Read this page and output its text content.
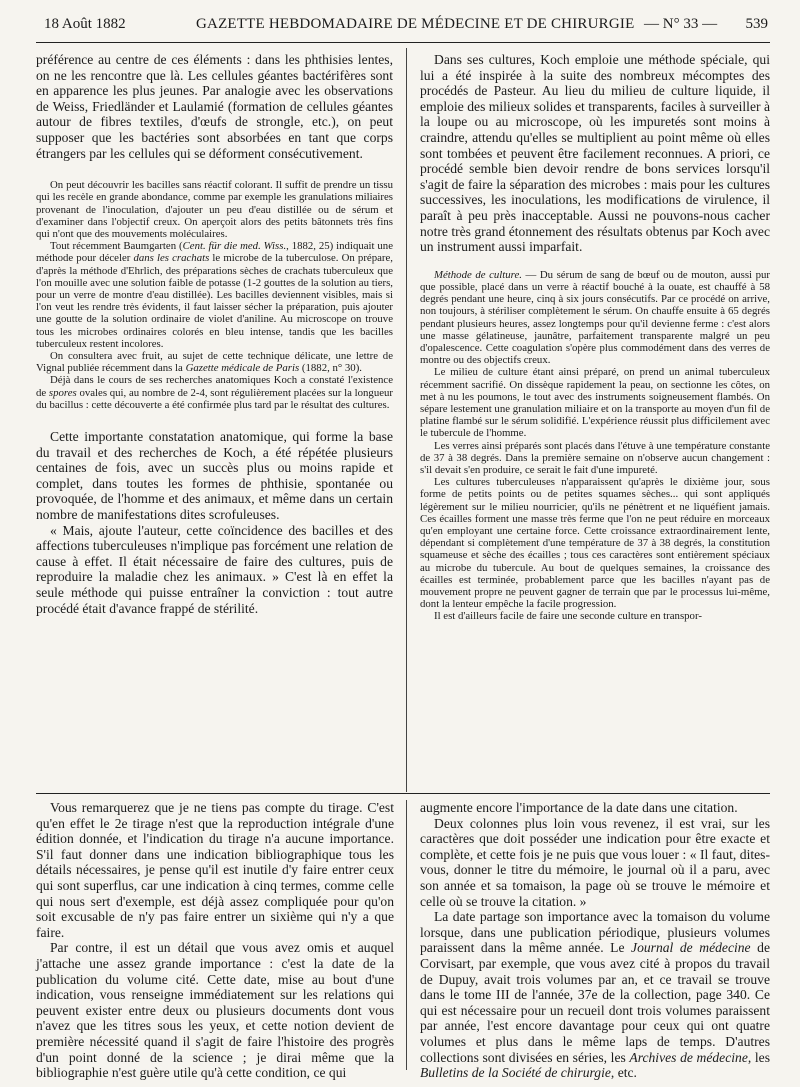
18 Août 1882	GAZETTE HEBDOMADAIRE DE MÉDECINE ET DE CHIRURGIE — N° 33 — 539

préférence au centre de ces éléments : dans les phthisies lentes, on ne les rencontre que là. Les cellules géantes bactérifères sont en apparence les plus jeunes. Par analogie avec les observations de Weiss, Friedländer et Laulamié (formation de cellules géantes autour de fibres textiles, d'œufs de strongle, etc.), on peut supposer que les bactéries sont absorbées en tant que corps étrangers par les cellules qui se déforment consécutivement.

On peut découvrir les bacilles sans réactif colorant. Il suffit de prendre un tissu qui les recèle en grande abondance, comme par exemple les granulations miliaires provenant de l'inoculation, d'ajouter un peu d'eau distillée ou de sérum et d'examiner dans l'objectif creux. On aperçoit alors des petits bâtonnets très fins qui n'ont que des mouvements moléculaires.

Tout récemment Baumgarten (Cent. für die med. Wiss., 1882, 25) indiquait une méthode pour déceler dans les crachats le microbe de la tuberculose. On prépare, d'après la méthode d'Ehrlich, des préparations sèches de crachats tuberculeux que l'on mouille avec une solution faible de potasse (1-2 gouttes de la solution au tiers, pour un verre de montre d'eau distillée). Les bacilles deviennent visibles, mais si l'on veut les rendre très évidents, il faut laisser sécher la préparation, puis ajouter une goutte de la solution ordinaire de violet d'aniline. Au microscope on trouve tous les microbes ordinaires colorés en bleu intense, tandis que les bacilles tuberculeux restent incolores.

On consultera avec fruit, au sujet de cette technique délicate, une lettre de Vignal publiée récemment dans la Gazette médicale de Paris (1882, n° 30).

Déjà dans le cours de ses recherches anatomiques Koch a constaté l'existence de spores ovales qui, au nombre de 2-4, sont régulièrement placées sur la longueur du bacillus : cette découverte a été confirmée plus tard par le résultat des cultures.

Cette importante constatation anatomique, qui forme la base du travail et des recherches de Koch, a été répétée plusieurs centaines de fois, avec un succès plus ou moins rapide et complet, dans toutes les formes de phthisie, spontanée ou provoquée, de l'homme et des animaux, et même dans un certain nombre de manifestations dites scrofuleuses.

« Mais, ajoute l'auteur, cette coïncidence des bacilles et des affections tuberculeuses n'implique pas forcément une relation de cause à effet. Il était nécessaire de faire des cultures, puis de reproduire la maladie chez les animaux. » C'est là en effet la seule méthode qui puisse entraîner la conviction : tout autre procédé était d'avance frappé de stérilité.

Dans ses cultures, Koch emploie une méthode spéciale, qui lui a été inspirée à la suite des nombreux mécomptes des procédés de Pasteur. Au lieu du milieu de culture liquide, il emploie des milieux solides et transparents, faciles à surveiller à la loupe ou au microscope, où les impuretés sont moins à craindre, attendu qu'elles se multiplient au point même où elles sont tombées et peuvent être facilement reconnues. A priori, ce procédé semble bien devoir rendre de bons services lorsqu'il s'agit de faire la séparation des microbes : mais pour les cultures successives, les inoculations, les modifications de virulence, il paraît à peu près inacceptable. Aussi ne pouvons-nous cacher notre très grand étonnement des résultats obtenus par Koch avec un instrument aussi imparfait.

Méthode de culture. — Du sérum de sang de bœuf ou de mouton, aussi pur que possible, placé dans un verre à réactif bouché à la ouate, est chauffé à 58 degrés pendant une heure, cinq à six jours consécutifs. Par ce procédé on arrive, non toujours, à stériliser complètement le sérum. On chauffe ensuite à 65 degrés pendant plusieurs heures, assez longtemps pour qu'il devienne ferme : c'est alors une masse gélatineuse, jaunâtre, parfaitement transparente malgré un peu d'opalescence. Cette coagulation s'opère plus commodément dans des verres de montre ou des objectifs creux.

Le milieu de culture étant ainsi préparé, on prend un animal tuberculeux récemment sacrifié. On dissèque rapidement la peau, on sectionne les côtes, on met à nu les poumons, le tout avec des instruments soigneusement flambés. On sépare lestement une granulation miliaire et on la transporte au moyen d'un fil de platine flambé sur le sérum solidifié. L'expérience réussit plus difficilement avec le tubercule de l'homme.

Les verres ainsi préparés sont placés dans l'étuve à une température constante de 37 à 38 degrés. Dans la première semaine on n'observe aucun changement : s'il devait s'en produire, ce serait le fait d'une impureté.

Les cultures tuberculeuses n'apparaissent qu'après le dixième jour, sous forme de petits points ou de petites squames sèches... qui sont appliqués légèrement sur le milieu nourricier, qu'ils ne pénètrent et ne liquéfient jamais. Ces écailles forment une masse très ferme que l'on ne peut réduire en morceaux qu'en employant une certaine force. Cette croissance extraordinairement lente, dépendant si complètement d'une température de 37 à 38 degrés, la constitution squameuse et sèche des écailles ; tous ces caractères sont entièrement spéciaux au microbe du tubercule. Au bout de quelques semaines, la croissance des écailles est terminée, probablement parce que les bacilles n'ayant pas de mouvement propre ne peuvent gagner de terrain que par le processus lui-même, dont la lenteur empêche la facile progression.

Il est d'ailleurs facile de faire une seconde culture en transpor-

Vous remarquerez que je ne tiens pas compte du tirage. C'est qu'en effet le 2e tirage n'est que la reproduction intégrale d'une édition donnée, et l'indication du tirage n'a aucune importance. S'il faut donner dans une indication bibliographique tous les détails nécessaires, je pense qu'il est inutile d'y faire entrer ceux qui sont superflus, car une indication à cinq termes, comme celle qui nous sert d'exemple, est déjà assez compliquée pour qu'on soit excusable de n'y pas faire entrer un sixième qui n'y a que faire.

Par contre, il est un détail que vous avez omis et auquel j'attache une assez grande importance : c'est la date de la publication du volume cité. Cette date, mise au bout d'une indication, vous renseigne immédiatement sur les relations qui peuvent exister entre deux ou plusieurs documents dont vous n'avez que les titres sous les yeux, et cette notion devient de première nécessité quand il s'agit de faire l'histoire des progrès d'un point donné de la science ; je dirai même que la bibliographie n'est guère utile qu'à cette condition, ce qui

augmente encore l'importance de la date dans une citation.

Deux colonnes plus loin vous revenez, il est vrai, sur les caractères que doit posséder une indication pour être exacte et complète, et cette fois je ne puis que vous louer : « Il faut, dites-vous, donner le titre du mémoire, le journal où il a paru, avec son année et sa tomaison, la page où se trouve le mémoire et celle où se trouve la citation. »

La date partage son importance avec la tomaison du volume lorsque, dans une publication périodique, plusieurs volumes paraissent dans la même année. Le Journal de médecine de Corvisart, par exemple, que vous avez cité à propos du travail de Dupuy, avait trois volumes par an, et ce travail se trouve dans le tome III de l'année, 37e de la collection, page 340. Ce qui est nécessaire pour un recueil dont trois volumes paraissent par année, l'est encore davantage pour ceux qui ont quatre volumes et plus dans le même laps de temps. D'autres collections sont divisées en séries, les Archives de médecine, les Bulletins de la Société de chirurgie, etc.
